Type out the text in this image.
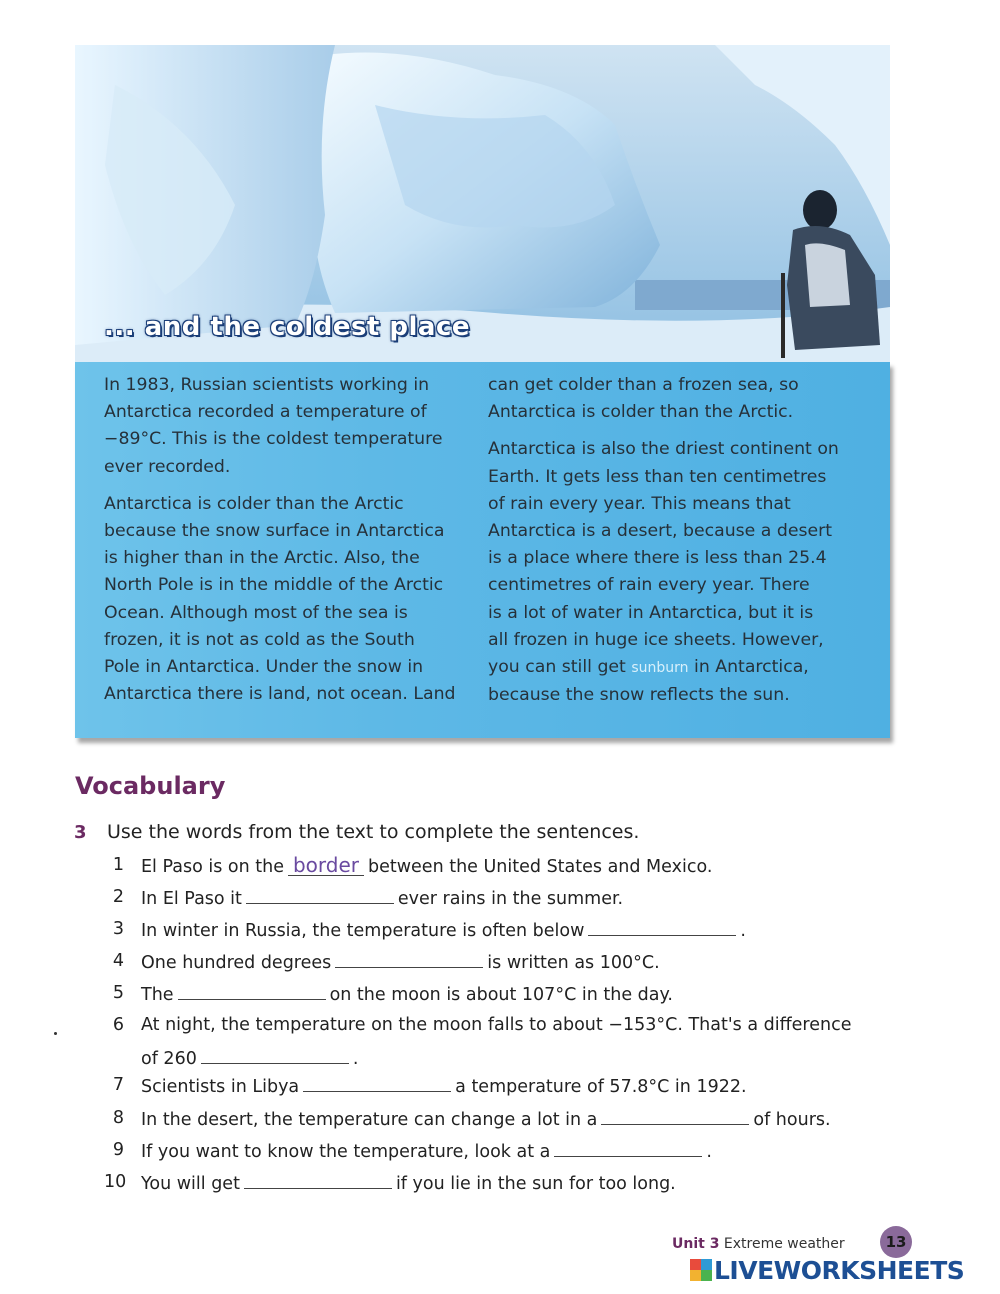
... and the coldest place

In 1983, Russian scientists working in
Antarctica recorded a temperature of
−89°C. This is the coldest temperature
ever recorded.

Antarctica is colder than the Arctic
because the snow surface in Antarctica
is higher than in the Arctic. Also, the
North Pole is in the middle of the Arctic
Ocean. Although most of the sea is
frozen, it is not as cold as the South
Pole in Antarctica. Under the snow in
Antarctica there is land, not ocean. Land

can get colder than a frozen sea, so
Antarctica is colder than the Arctic.

Antarctica is also the driest continent on
Earth. It gets less than ten centimetres
of rain every year. This means that
Antarctica is a desert, because a desert
is a place where there is less than 25.4
centimetres of rain every year. There
is a lot of water in Antarctica, but it is
all frozen in huge ice sheets. However,

you can still get sunburn in Antarctica,
because the snow reflects the sun.
Vocabulary
3 Use the words from the text to complete the sentences.
1 El Paso is on the border between the United States and Mexico.
2 In El Paso it	ever rains in the summer.
3 In winter in Russia, the temperature is often below	.
4 One hundred degrees	is written as 100°C.
5 The	on the moon is about 107°C in the day.
6 At night, the temperature on the moon falls to about −153°C. That's a difference
of 260	.
7 Scientists in Libya	a temperature of 57.8°C in 1922.
8 In the desert, the temperature can change a lot in a	of hours.
9 If you want to know the temperature, look at a	.
10 You will get	if you lie in the sun for too long.
Unit 3 Extreme weather	13
LIVEWORKSHEETS
